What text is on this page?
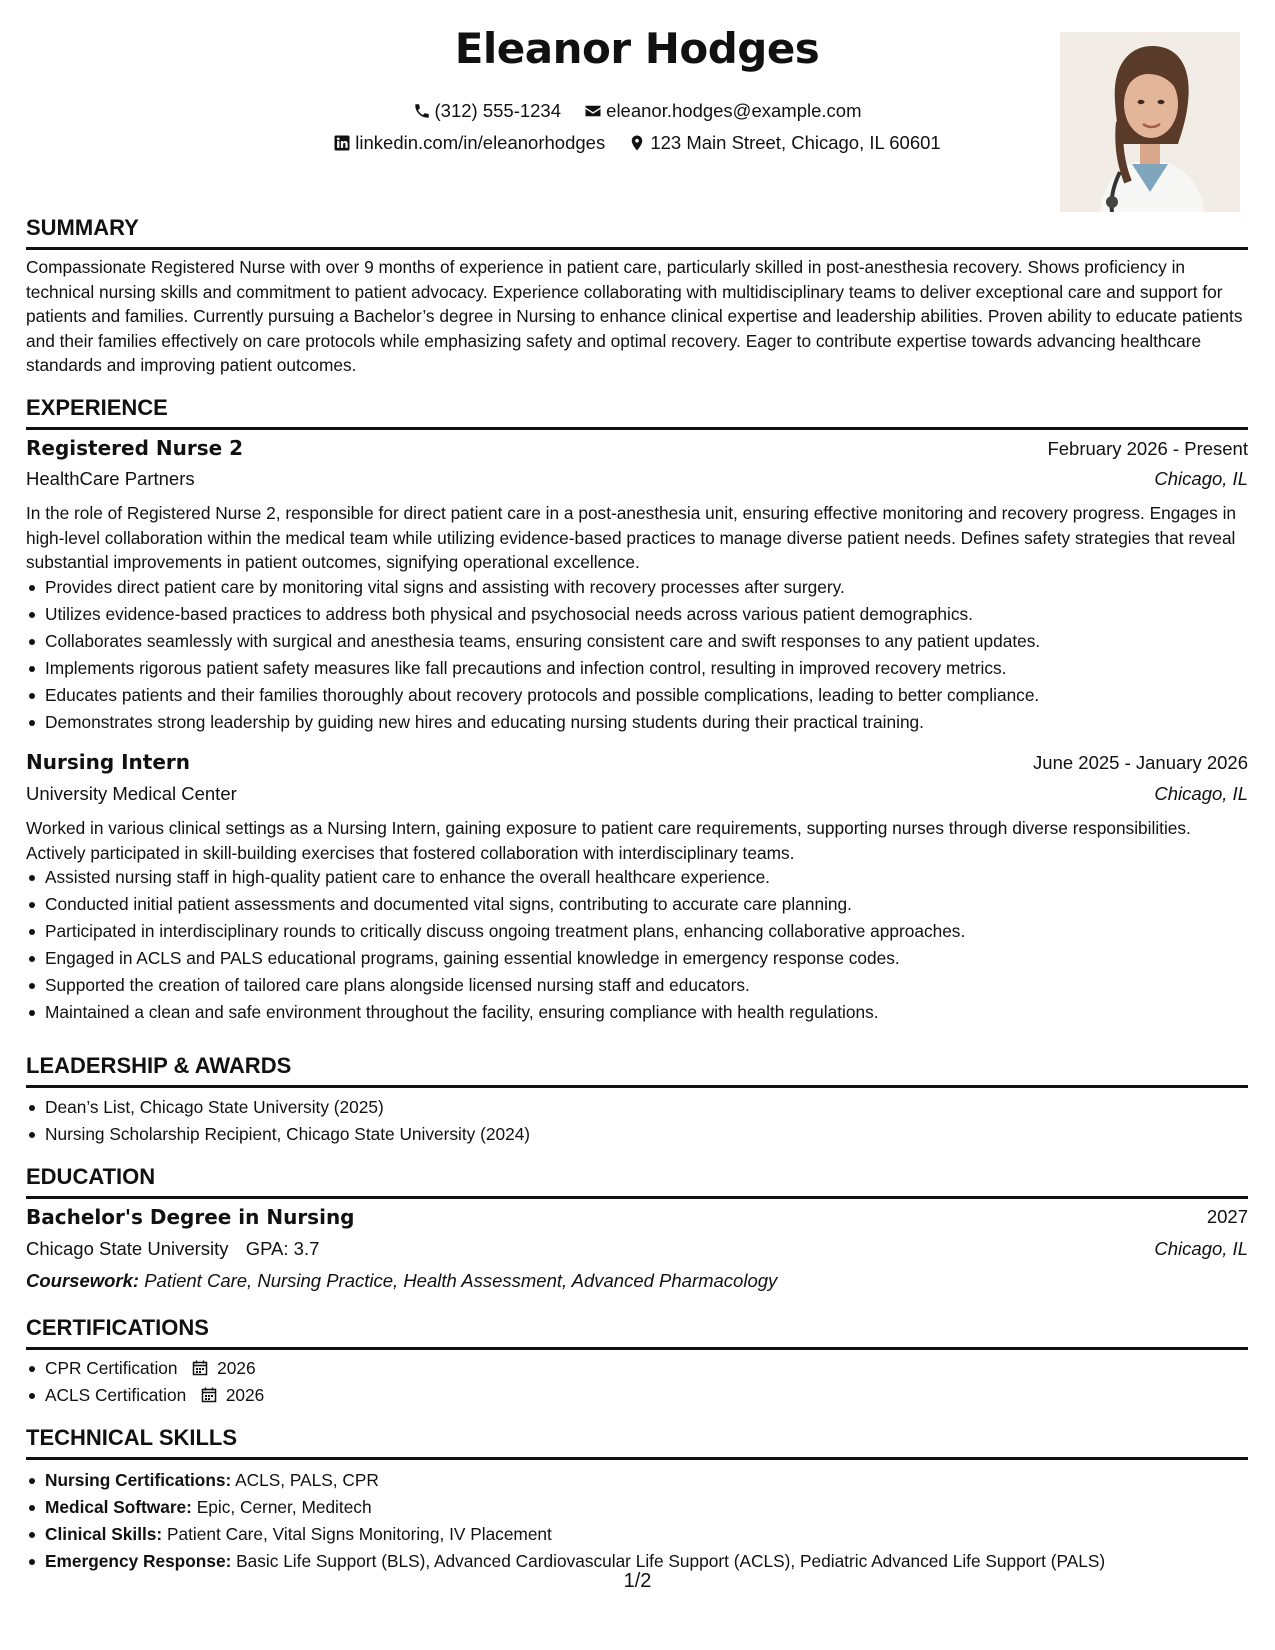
Eleanor Hodges
(312) 555-1234
eleanor.hodges@example.com
linkedin.com/in/eleanorhodges
123 Main Street, Chicago, IL 60601
SUMMARY
Compassionate Registered Nurse with over 9 months of experience in patient care, particularly skilled in post-anesthesia recovery. Shows proficiency in technical nursing skills and commitment to patient advocacy. Experience collaborating with multidisciplinary teams to deliver exceptional care and support for patients and families. Currently pursuing a Bachelor’s degree in Nursing to enhance clinical expertise and leadership abilities. Proven ability to educate patients and their families effectively on care protocols while emphasizing safety and optimal recovery. Eager to contribute expertise towards advancing healthcare standards and improving patient outcomes.
EXPERIENCE
Registered Nurse 2	February 2026 - Present
HealthCare Partners	Chicago, IL
In the role of Registered Nurse 2, responsible for direct patient care in a post-anesthesia unit, ensuring effective monitoring and recovery progress. Engages in high-level collaboration within the medical team while utilizing evidence-based practices to manage diverse patient needs. Defines safety strategies that reveal substantial improvements in patient outcomes, signifying operational excellence.
Provides direct patient care by monitoring vital signs and assisting with recovery processes after surgery.
Utilizes evidence-based practices to address both physical and psychosocial needs across various patient demographics.
Collaborates seamlessly with surgical and anesthesia teams, ensuring consistent care and swift responses to any patient updates.
Implements rigorous patient safety measures like fall precautions and infection control, resulting in improved recovery metrics.
Educates patients and their families thoroughly about recovery protocols and possible complications, leading to better compliance.
Demonstrates strong leadership by guiding new hires and educating nursing students during their practical training.
Nursing Intern	June 2025 - January 2026
University Medical Center	Chicago, IL
Worked in various clinical settings as a Nursing Intern, gaining exposure to patient care requirements, supporting nurses through diverse responsibilities. Actively participated in skill-building exercises that fostered collaboration with interdisciplinary teams.
Assisted nursing staff in high-quality patient care to enhance the overall healthcare experience.
Conducted initial patient assessments and documented vital signs, contributing to accurate care planning.
Participated in interdisciplinary rounds to critically discuss ongoing treatment plans, enhancing collaborative approaches.
Engaged in ACLS and PALS educational programs, gaining essential knowledge in emergency response codes.
Supported the creation of tailored care plans alongside licensed nursing staff and educators.
Maintained a clean and safe environment throughout the facility, ensuring compliance with health regulations.
LEADERSHIP & AWARDS
Dean’s List, Chicago State University (2025)
Nursing Scholarship Recipient, Chicago State University (2024)
EDUCATION
Bachelor's Degree in Nursing	2027
Chicago State University GPA: 3.7	Chicago, IL
Coursework: Patient Care, Nursing Practice, Health Assessment, Advanced Pharmacology
CERTIFICATIONS
CPR Certification 2026
ACLS Certification 2026
TECHNICAL SKILLS
Nursing Certifications: ACLS, PALS, CPR
Medical Software: Epic, Cerner, Meditech
Clinical Skills: Patient Care, Vital Signs Monitoring, IV Placement
Emergency Response: Basic Life Support (BLS), Advanced Cardiovascular Life Support (ACLS), Pediatric Advanced Life Support (PALS)
1/2
